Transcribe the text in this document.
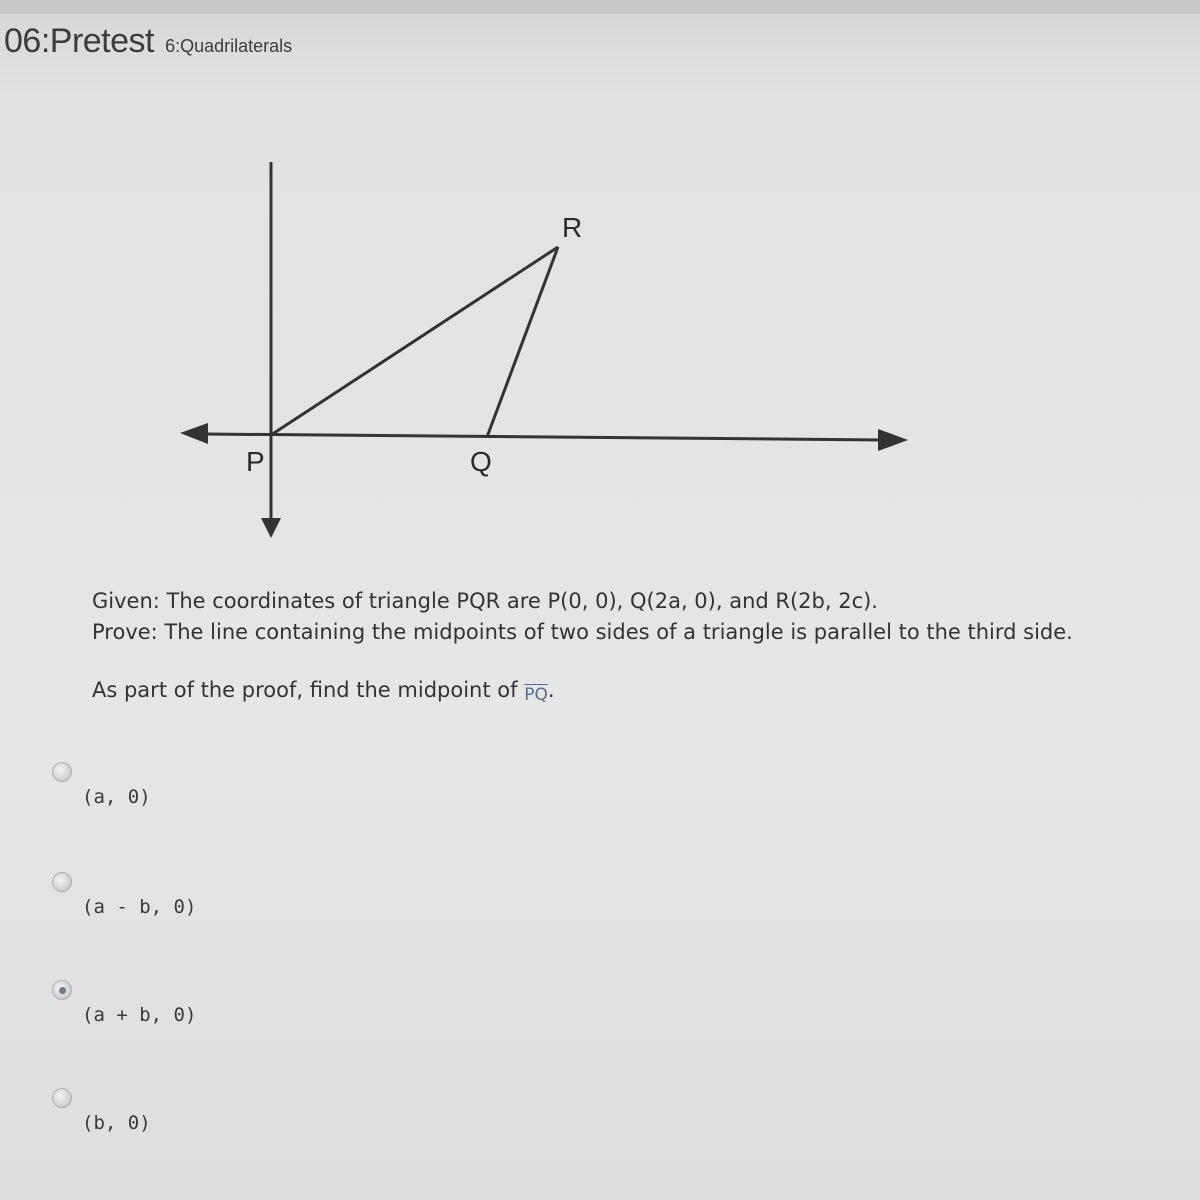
06:Pretest 6:Quadrilaterals
R
P	Q

Given: The coordinates of triangle PQR are P(0, 0), Q(2a, 0), and R(2b, 2c).

Prove: The line containing the midpoints of two sides of a triangle is parallel to the third side.

As part of the proof, find the midpoint of $\overline{PQ}$.

(a, 0)
(a - b, 0)
(a + b, 0)
(b, 0)
